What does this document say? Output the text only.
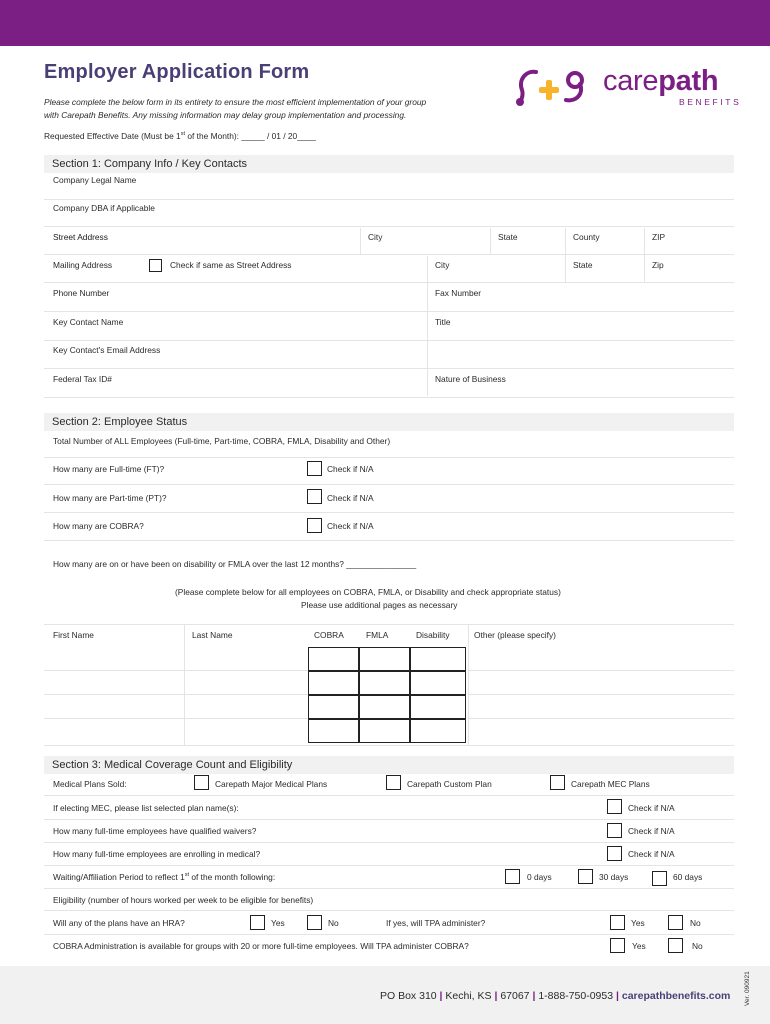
Employer Application Form
Please complete the below form in its entirety to ensure the most efficient implementation of your group
with Carepath Benefits. Any missing information may delay group implementation and processing.
Requested Effective Date (Must be 1st of the Month): _____ / 01 / 20____
carepath
BENEFITS
Section 1: Company Info / Key Contacts
Company Legal Name
Company DBA if Applicable
Street Address	City	State	County	ZIP
Mailing Address	Check if same as Street Address	City	State	Zip
Phone Number	Fax Number
Key Contact Name	Title
Key Contact's Email Address
Federal Tax ID#	Nature of Business
Section 2: Employee Status
Total Number of ALL Employees (Full-time, Part-time, COBRA, FMLA, Disability and Other)
How many are Full-time (FT)?	Check if N/A
How many are Part-time (PT)?	Check if N/A
How many are COBRA?	Check if N/A
How many are on or have been on disability or FMLA over the last 12 months? _______________
(Please complete below for all employees on COBRA, FMLA, or Disability and check appropriate status)
Please use additional pages as necessary
First Name	Last Name	COBRA	FMLA	Disability	Other (please specify)
Section 3: Medical Coverage Count and Eligibility
Medical Plans Sold:	Carepath Major Medical Plans	Carepath Custom Plan	Carepath MEC Plans
If electing MEC, please list selected plan name(s):	Check if N/A
How many full-time employees have qualified waivers?	Check if N/A
How many full-time employees are enrolling in medical?	Check if N/A
Waiting/Affiliation Period to reflect 1st of the month following:	0 days	30 days	60 days
Eligibility (number of hours worked per week to be eligible for benefits)
Will any of the plans have an HRA?	Yes	No	If yes, will TPA administer?	Yes	No
COBRA Administration is available for groups with 20 or more full-time employees. Will TPA administer COBRA?	Yes	No
PO Box 310 | Kechi, KS | 67067 | 1-888-750-0953 | carepathbenefits.com Ver. 090921
